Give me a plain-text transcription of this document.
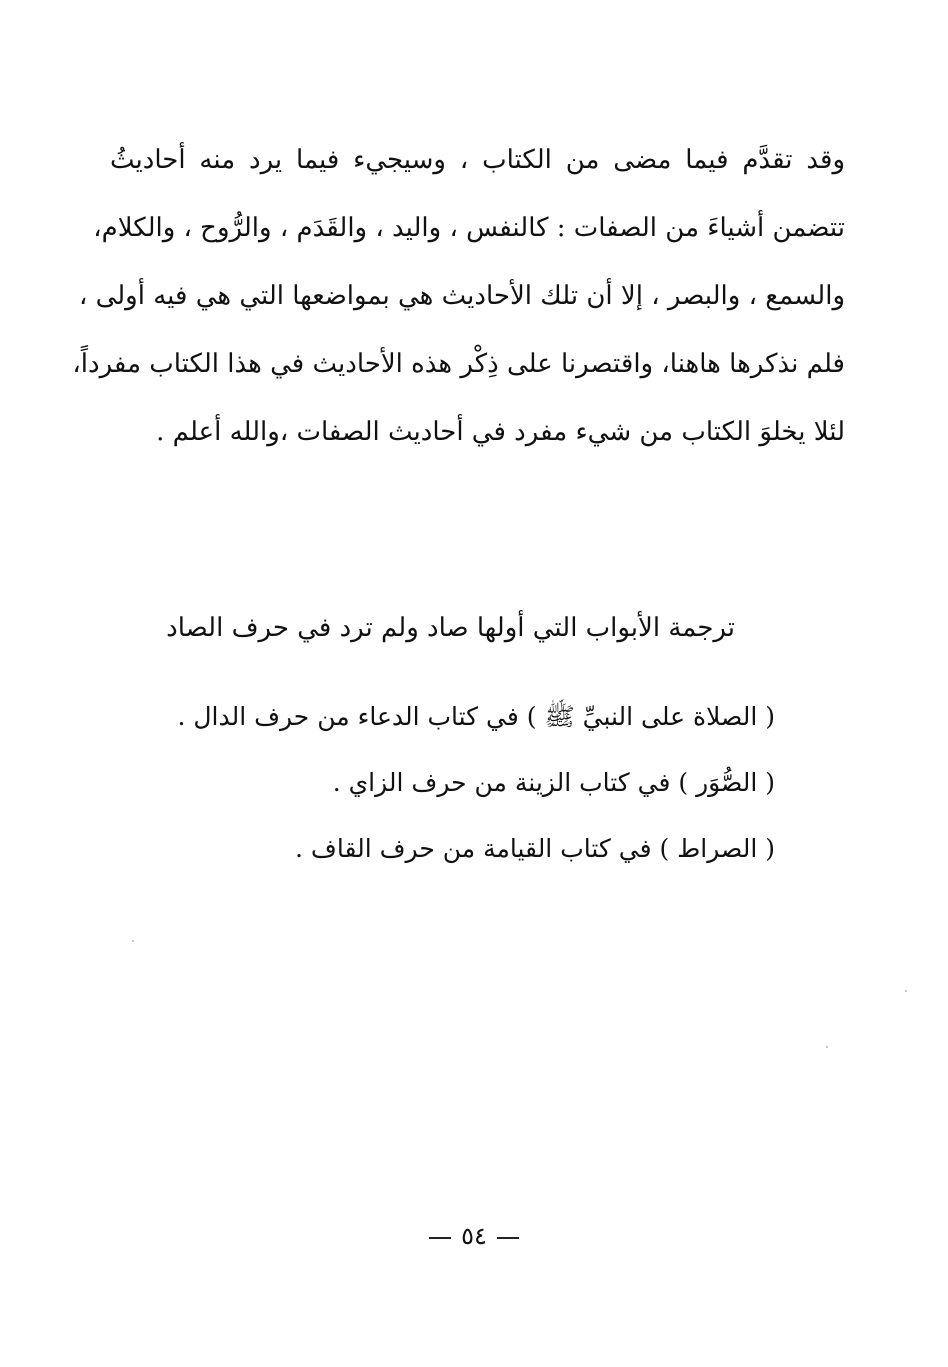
وقد تقدَّم فيما مضى من الكتاب ، وسيجيء فيما يرد منه أحاديثُ
تتضمن أشياءَ من الصفات : كالنفس ، واليد ، والقَدَم ، والرُّوح ، والكلام،
والسمع ، والبصر ، إلا أن تلك الأحاديث هي بمواضعها التي هي فيه أولى ،
فلم نذكرها هاهنا، واقتصرنا على ذِكْر هذه الأحاديث في هذا الكتاب مفرداً،
لئلا يخلوَ الكتاب من شيء مفرد في أحاديث الصفات ،والله أعلم .
ترجمة الأبواب التي أولها صاد ولم ترد في حرف الصاد
( الصلاة على النبيِّ ﷺ ) في كتاب الدعاء من حرف الدال .
( الصُّوَر ) في كتاب الزينة من حرف الزاي .
( الصراط ) في كتاب القيامة من حرف القاف .
٥٤
